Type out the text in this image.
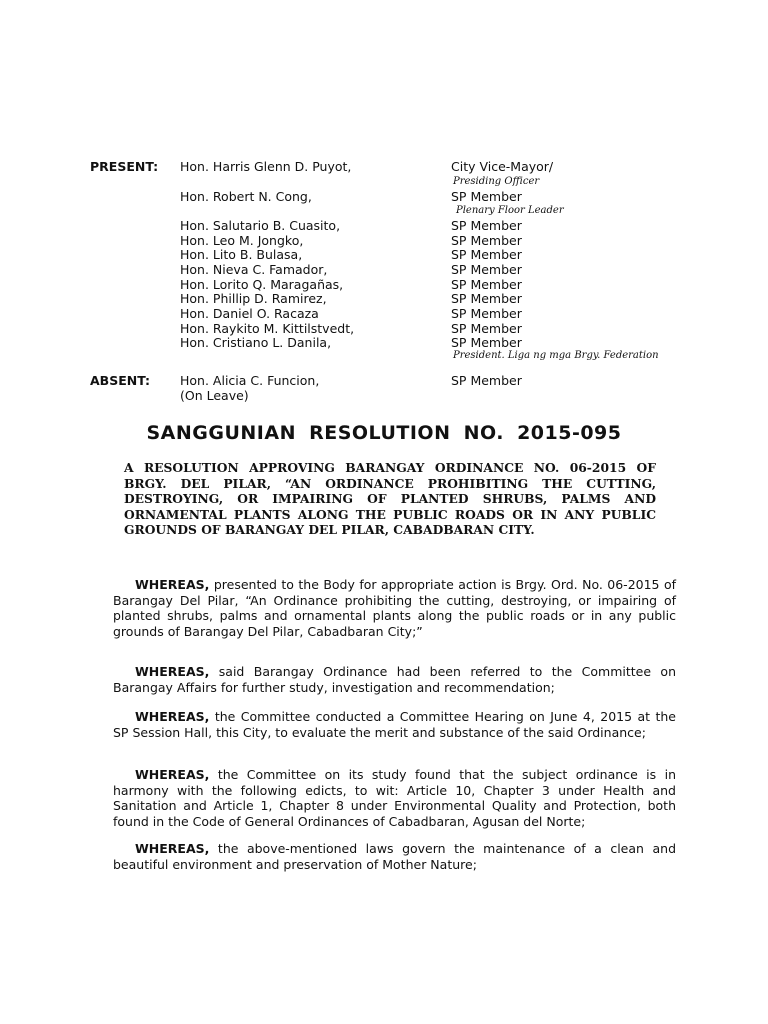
PRESENT: Hon. Harris Glenn D. Puyot,	City Vice-Mayor/
Presiding Officer
Hon. Robert N. Cong,	SP Member
Plenary Floor Leader
Hon. Salutario B. Cuasito,	SP Member
Hon. Leo M. Jongko,	SP Member
Hon. Lito B. Bulasa,	SP Member
Hon. Nieva C. Famador,	SP Member
Hon. Lorito Q. Maragañas,	SP Member
Hon. Phillip D. Ramirez,	SP Member
Hon. Daniel O. Racaza	SP Member
Hon. Raykito M. Kittilstvedt,	SP Member
Hon. Cristiano L. Danila,	SP Member
President. Liga ng mga Brgy. Federation
ABSENT: Hon. Alicia C. Funcion,	SP Member
(On Leave)
SANGGUNIAN RESOLUTION NO. 2015-095
A RESOLUTION APPROVING BARANGAY ORDINANCE NO. 06-2015 OF BRGY. DEL PILAR, “AN ORDINANCE PROHIBITING THE CUTTING, DESTROYING, OR IMPAIRING OF PLANTED SHRUBS, PALMS AND ORNAMENTAL PLANTS ALONG THE PUBLIC ROADS OR IN ANY PUBLIC GROUNDS OF BARANGAY DEL PILAR, CABADBARAN CITY.
WHEREAS, presented to the Body for appropriate action is Brgy. Ord. No. 06-2015 of Barangay Del Pilar, “An Ordinance prohibiting the cutting, destroying, or impairing of planted shrubs, palms and ornamental plants along the public roads or in any public grounds of Barangay Del Pilar, Cabadbaran City;”
WHEREAS, said Barangay Ordinance had been referred to the Committee on Barangay Affairs for further study, investigation and recommendation;
WHEREAS, the Committee conducted a Committee Hearing on June 4, 2015 at the SP Session Hall, this City, to evaluate the merit and substance of the said Ordinance;
WHEREAS, the Committee on its study found that the subject ordinance is in harmony with the following edicts, to wit: Article 10, Chapter 3 under Health and Sanitation and Article 1, Chapter 8 under Environmental Quality and Protection, both found in the Code of General Ordinances of Cabadbaran, Agusan del Norte;
WHEREAS, the above-mentioned laws govern the maintenance of a clean and beautiful environment and preservation of Mother Nature;
